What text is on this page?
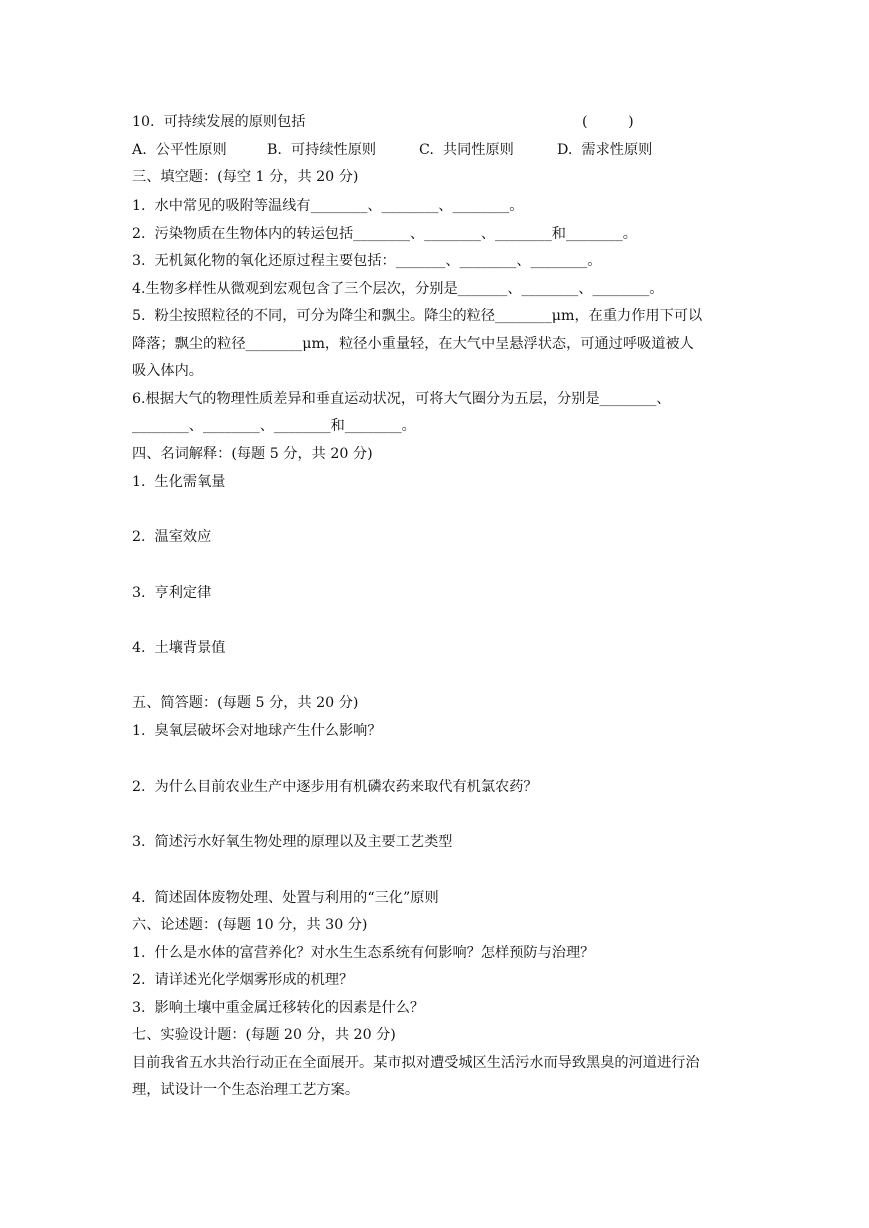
10.  可持续发展的原则包括	(         )
A.  公平性原则	B.  可持续性原则	C.  共同性原则	D.  需求性原则
三、填空题：(每空 1 分，共 20 分)
1.  水中常见的吸附等温线有________、________、________。
2.  污染物质在生物体内的转运包括________、________、________和________。
3.  无机氮化物的氧化还原过程主要包括：_______、________、________。
4.生物多样性从微观到宏观包含了三个层次，分别是_______、________、________。
5.  粉尘按照粒径的不同，可分为降尘和飘尘。降尘的粒径________μm，在重力作用下可以
降落；飘尘的粒径________μm，粒径小重量轻，在大气中呈悬浮状态，可通过呼吸道被人
吸入体内。
6.根据大气的物理性质差异和垂直运动状况，可将大气圈分为五层，分别是________、
________、________、________和________。
四、名词解释：(每题 5 分，共 20 分)
1.  生化需氧量
2.  温室效应
3.  亨利定律
4.  土壤背景值
五、简答题：(每题 5 分，共 20 分)
1.  臭氧层破坏会对地球产生什么影响？
2.  为什么目前农业生产中逐步用有机磷农药来取代有机氯农药？
3.  简述污水好氧生物处理的原理以及主要工艺类型
4.  简述固体废物处理、处置与利用的“三化”原则
六、论述题：(每题 10 分，共 30 分)
1.  什么是水体的富营养化？对水生生态系统有何影响？怎样预防与治理？
2.  请详述光化学烟雾形成的机理？
3.  影响土壤中重金属迁移转化的因素是什么？
七、实验设计题：(每题 20 分，共 20 分)
目前我省五水共治行动正在全面展开。某市拟对遭受城区生活污水而导致黑臭的河道进行治
理，试设计一个生态治理工艺方案。
